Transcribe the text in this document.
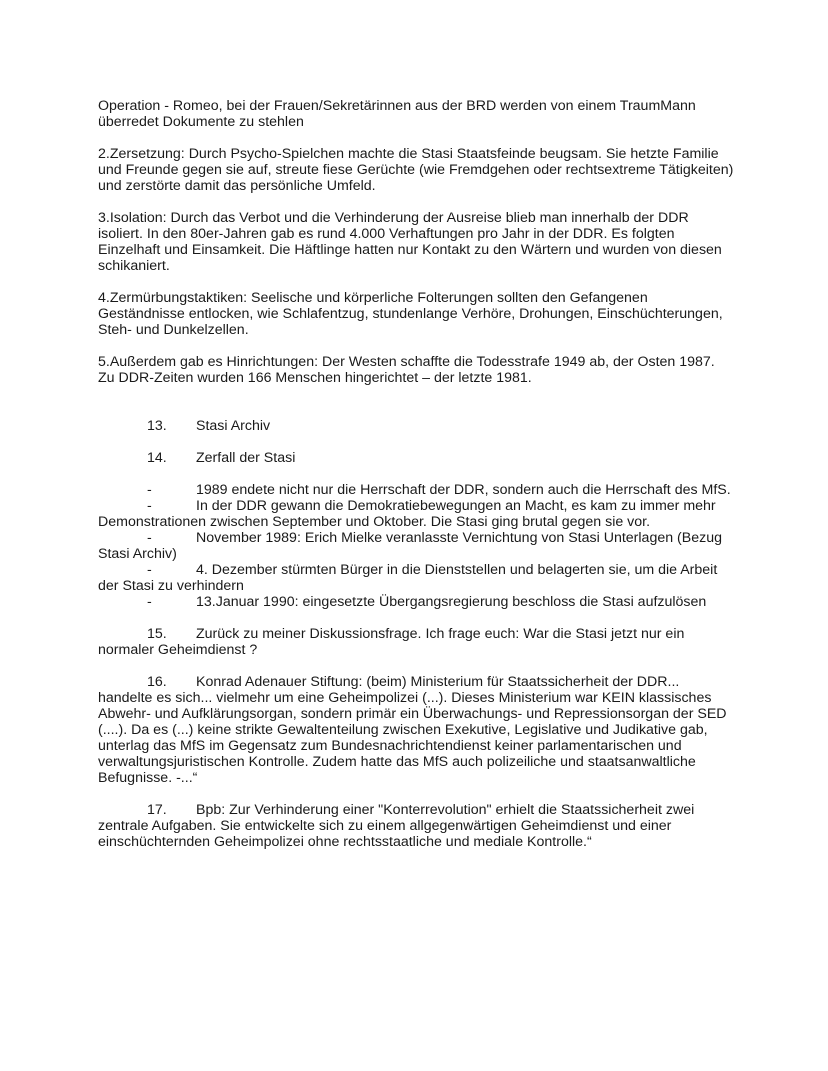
Operation - Romeo, bei der Frauen/Sekretärinnen aus der BRD werden von einem TraumMann überredet Dokumente zu stehlen

2.Zersetzung: Durch Psycho-Spielchen machte die Stasi Staatsfeinde beugsam. Sie hetzte Familie und Freunde gegen sie auf, streute fiese Gerüchte (wie Fremdgehen oder rechtsextreme Tätigkeiten) und zerstörte damit das persönliche Umfeld.

3.Isolation: Durch das Verbot und die Verhinderung der Ausreise blieb man innerhalb der DDR isoliert. In den 80er-Jahren gab es rund 4.000 Verhaftungen pro Jahr in der DDR. Es folgten Einzelhaft und Einsamkeit. Die Häftlinge hatten nur Kontakt zu den Wärtern und wurden von diesen schikaniert.

4.Zermürbungstaktiken: Seelische und körperliche Folterungen sollten den Gefangenen Geständnisse entlocken, wie Schlafentzug, stundenlange Verhöre, Drohungen, Einschüchterungen, Steh- und Dunkelzellen.

5.Außerdem gab es Hinrichtungen: Der Westen schaffte die Todesstrafe 1949 ab, der Osten 1987. Zu DDR-Zeiten wurden 166 Menschen hingerichtet – der letzte 1981.

13. Stasi Archiv

14. Zerfall der Stasi

-	1989 endete nicht nur die Herrschaft der DDR, sondern auch die Herrschaft des MfS.

-	In der DDR gewann die Demokratiebewegungen an Macht, es kam zu immer mehr Demonstrationen zwischen September und Oktober. Die Stasi ging brutal gegen sie vor.

-	November 1989: Erich Mielke veranlasste Vernichtung von Stasi Unterlagen (Bezug Stasi Archiv)

-	4. Dezember stürmten Bürger in die Dienststellen und belagerten sie, um die Arbeit der Stasi zu verhindern

-	13.Januar 1990: eingesetzte Übergangsregierung beschloss die Stasi aufzulösen

15. Zurück zu meiner Diskussionsfrage. Ich frage euch: War die Stasi jetzt nur ein normaler Geheimdienst ?

16. Konrad Adenauer Stiftung: (beim) Ministerium für Staatssicherheit der DDR... handelte es sich... vielmehr um eine Geheimpolizei (...). Dieses Ministerium war KEIN klassisches Abwehr- und Aufklärungsorgan, sondern primär ein Überwachungs- und Repressionsorgan der SED (....). Da es (...) keine strikte Gewaltenteilung zwischen Exekutive, Legislative und Judikative gab, unterlag das MfS im Gegensatz zum Bundesnachrichtendienst keiner parlamentarischen und verwaltungsjuristischen Kontrolle. Zudem hatte das MfS auch polizeiliche und staatsanwaltliche Befugnisse. -...“

17. Bpb: Zur Verhinderung einer "Konterrevolution" erhielt die Staatssicherheit zwei zentrale Aufgaben. Sie entwickelte sich zu einem allgegenwärtigen Geheimdienst und einer einschüchternden Geheimpolizei ohne rechtsstaatliche und mediale Kontrolle.“
